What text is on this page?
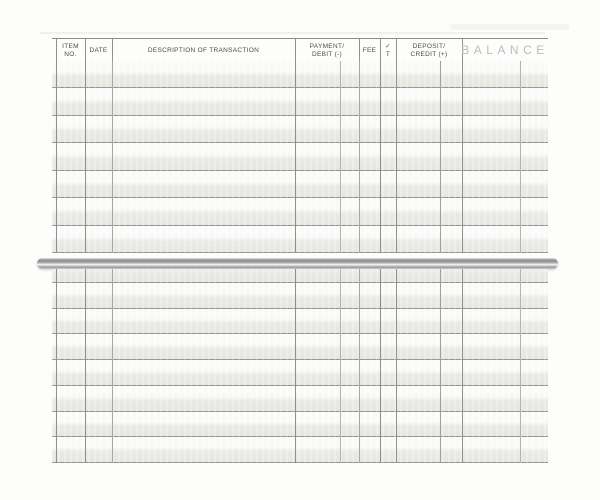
ITEM
NO.
DATE	DESCRIPTION OF TRANSACTION
PAYMENT/
DEBIT (-)
FEE
✓
T
DEPOSIT/
CREDIT (+) BALANCE
